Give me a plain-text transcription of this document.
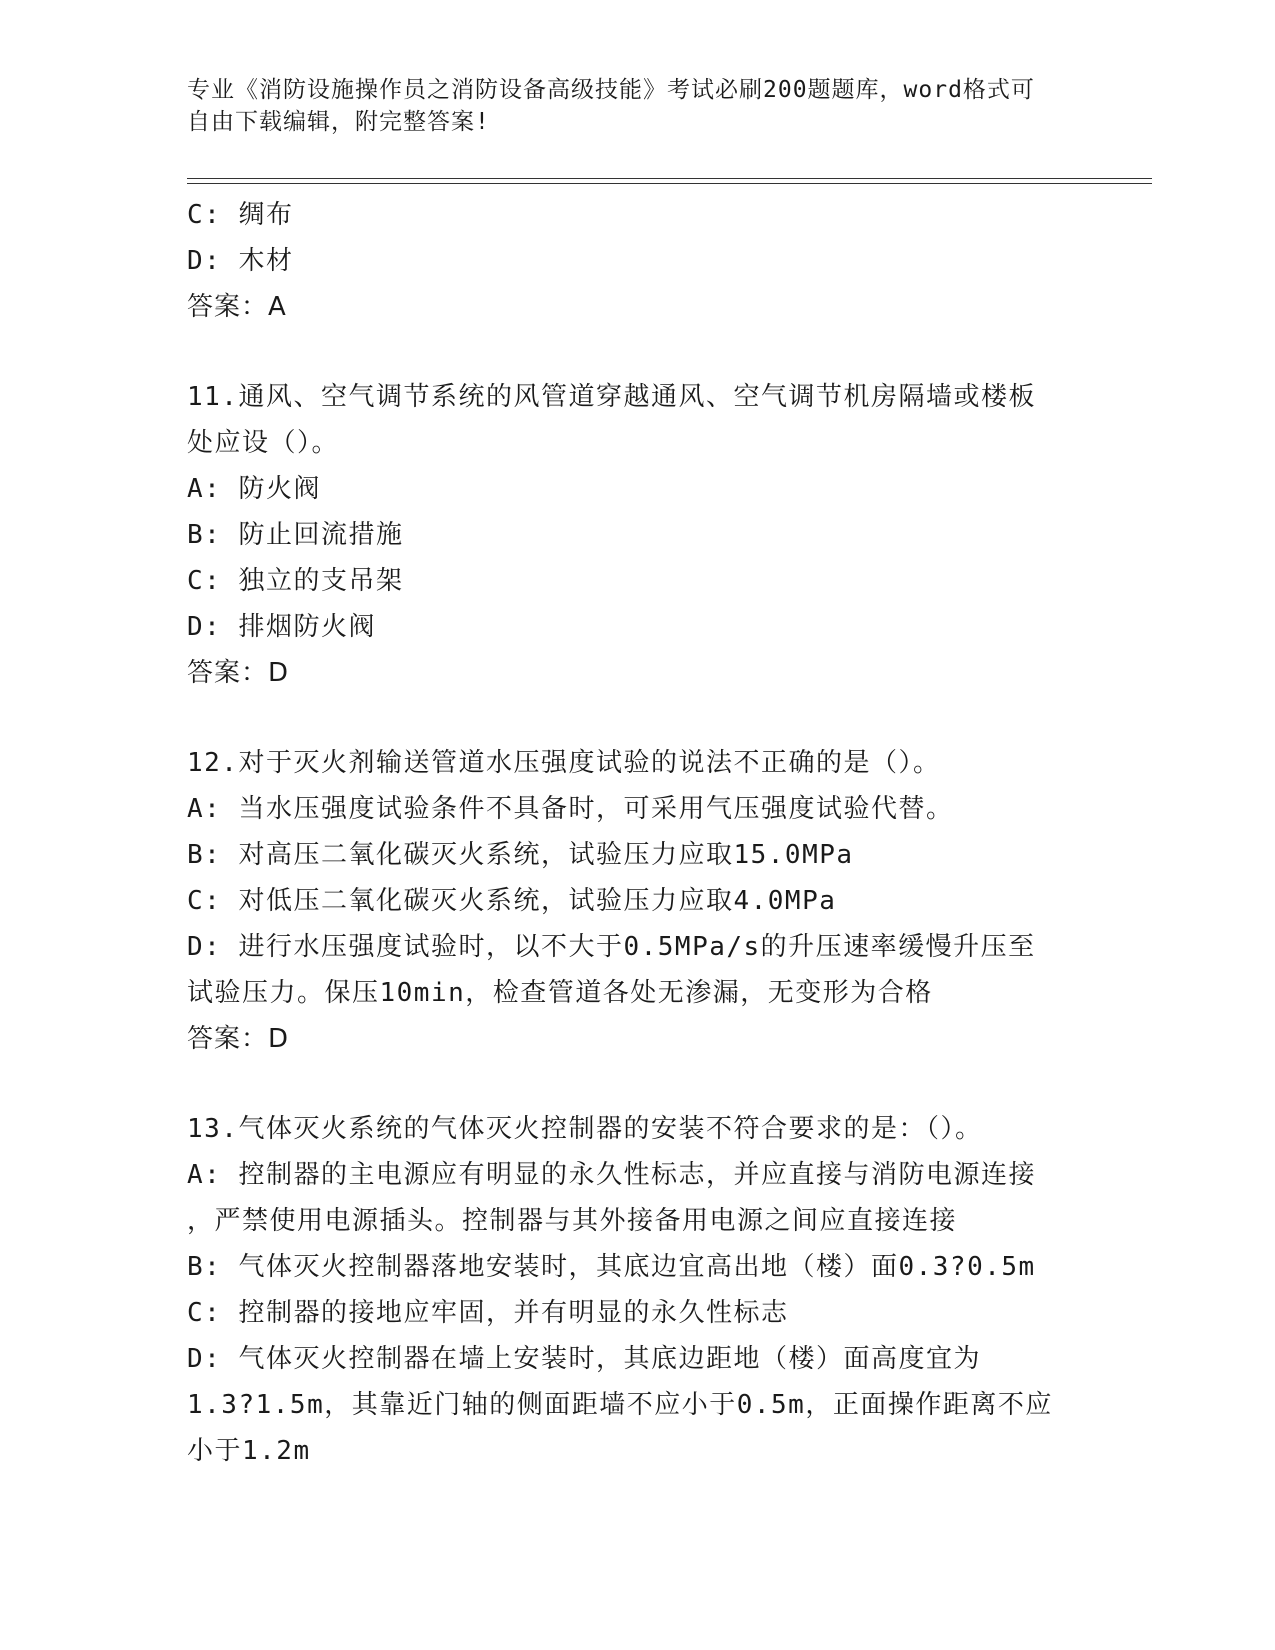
专业《消防设施操作员之消防设备高级技能》考试必刷200题题库，word格式可
自由下载编辑，附完整答案!

C: 绸布

D: 木材

答案：A

11.通风、空气调节系统的风管道穿越通风、空气调节机房隔墙或楼板

处应设（）。

A: 防火阀

B: 防止回流措施

C: 独立的支吊架

D: 排烟防火阀

答案：D

12.对于灭火剂输送管道水压强度试验的说法不正确的是（）。

A: 当水压强度试验条件不具备时，可采用气压强度试验代替。

B: 对高压二氧化碳灭火系统，试验压力应取15.0MPa

C: 对低压二氧化碳灭火系统，试验压力应取4.0MPa

D: 进行水压强度试验时，以不大于0.5MPa/s的升压速率缓慢升压至

试验压力。保压10min，检查管道各处无渗漏，无变形为合格

答案：D

13.气体灭火系统的气体灭火控制器的安装不符合要求的是：（）。

A: 控制器的主电源应有明显的永久性标志，并应直接与消防电源连接

，严禁使用电源插头。控制器与其外接备用电源之间应直接连接

B: 气体灭火控制器落地安装时，其底边宜高出地（楼）面0.3?0.5m

C: 控制器的接地应牢固，并有明显的永久性标志

D: 气体灭火控制器在墙上安装时，其底边距地（楼）面高度宜为

1.3?1.5m，其靠近门轴的侧面距墙不应小于0.5m，正面操作距离不应

小于1.2m
